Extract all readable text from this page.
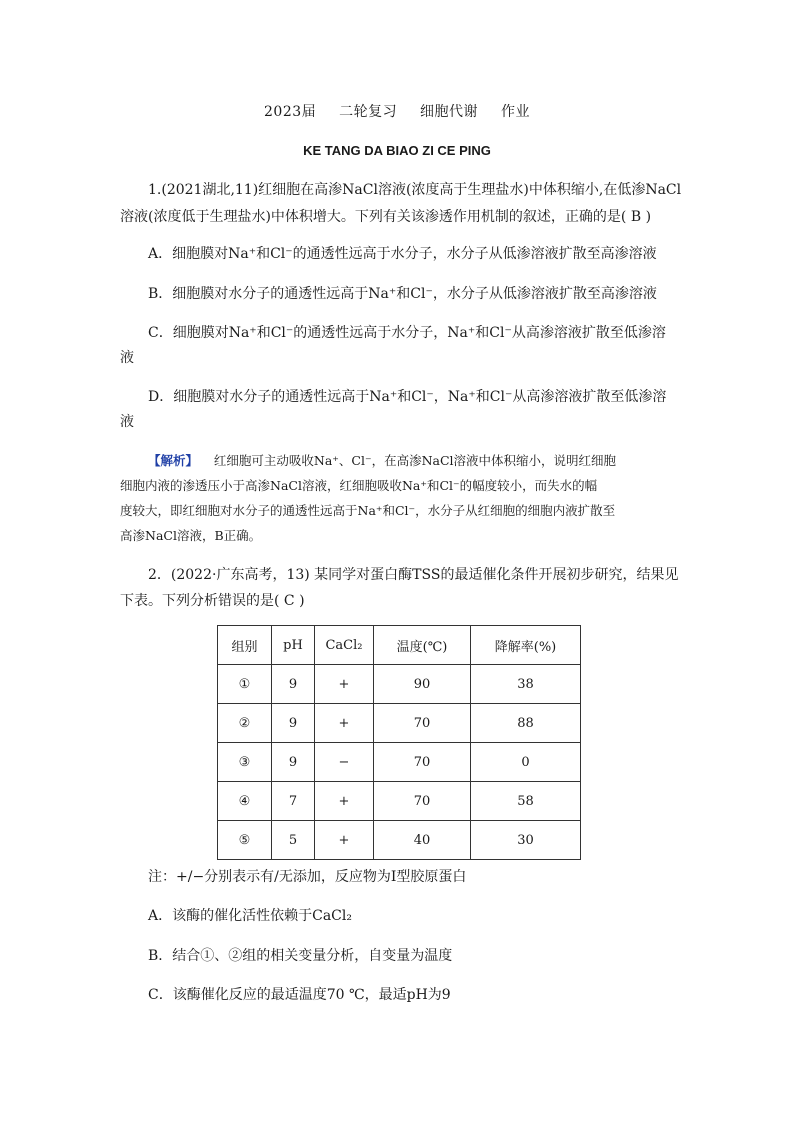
2023届 二轮复习 细胞代谢 作业
KE TANG DA BIAO ZI CE PING
1.(2021湖北,11)红细胞在高渗NaCl溶液(浓度高于生理盐水)中体积缩小,在低渗NaCl
溶液(浓度低于生理盐水)中体积增大。下列有关该渗透作用机制的叙述，正确的是( B )
A．细胞膜对Na⁺和Cl⁻的通透性远高于水分子，水分子从低渗溶液扩散至高渗溶液
B．细胞膜对水分子的通透性远高于Na⁺和Cl⁻，水分子从低渗溶液扩散至高渗溶液
C．细胞膜对Na⁺和Cl⁻的通透性远高于水分子，Na⁺和Cl⁻从高渗溶液扩散至低渗溶
液
D．细胞膜对水分子的通透性远高于Na⁺和Cl⁻，Na⁺和Cl⁻从高渗溶液扩散至低渗溶
液
【解析】 红细胞可主动吸收Na⁺、Cl⁻，在高渗NaCl溶液中体积缩小，说明红细胞
细胞内液的渗透压小于高渗NaCl溶液，红细胞吸收Na⁺和Cl⁻的幅度较小，而失水的幅
度较大，即红细胞对水分子的通透性远高于Na⁺和Cl⁻，水分子从红细胞的细胞内液扩散至
高渗NaCl溶液，B正确。
2．(2022·广东高考，13) 某同学对蛋白酶TSS的最适催化条件开展初步研究，结果见
下表。下列分析错误的是( C )
组别	pH	CaCl₂	温度(℃)	降解率(%)
①	9	+	90	38
②	9	+	70	88
③	9	−	70	0
④	7	+	70	58
⑤	5	+	40	30
注：+/−分别表示有/无添加，反应物为Ⅰ型胶原蛋白
A．该酶的催化活性依赖于CaCl₂
B．结合①、②组的相关变量分析，自变量为温度
C．该酶催化反应的最适温度70 ℃，最适pH为9
